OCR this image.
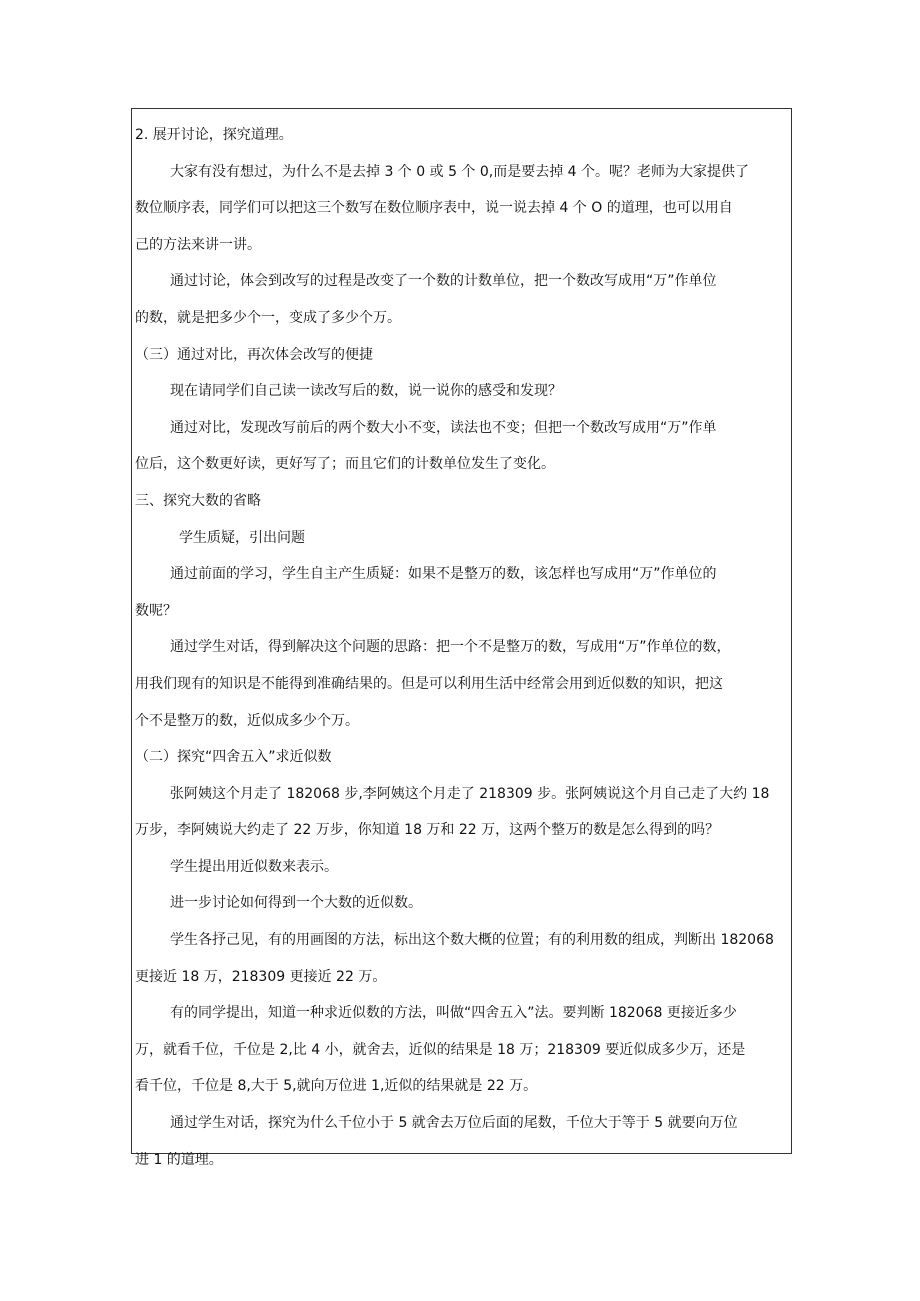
2. 展开讨论，探究道理。

大家有没有想过，为什么不是去掉 3 个 0 或 5 个 0,而是要去掉 4 个。呢？老师为大家提供了

数位顺序表，同学们可以把这三个数写在数位顺序表中，说一说去掉 4 个 O 的道理，也可以用自

己的方法来讲一讲。

通过讨论，体会到改写的过程是改变了一个数的计数单位，把一个数改写成用“万”作单位

的数，就是把多少个一，变成了多少个万。

（三）通过对比，再次体会改写的便捷

现在请同学们自己读一读改写后的数，说一说你的感受和发现？

通过对比，发现改写前后的两个数大小不变，读法也不变；但把一个数改写成用“万”作单

位后，这个数更好读，更好写了；而且它们的计数单位发生了变化。

三、探究大数的省略

学生质疑，引出问题

通过前面的学习，学生自主产生质疑：如果不是整万的数，该怎样也写成用“万”作单位的

数呢？

通过学生对话，得到解决这个问题的思路：把一个不是整万的数，写成用“万”作单位的数，

用我们现有的知识是不能得到准确结果的。但是可以利用生活中经常会用到近似数的知识，把这

个不是整万的数，近似成多少个万。

（二）探究“四舍五入”求近似数

张阿姨这个月走了 182068 步,李阿姨这个月走了 218309 步。张阿姨说这个月自己走了大约 18

万步，李阿姨说大约走了 22 万步，你知道 18 万和 22 万，这两个整万的数是怎么得到的吗？

学生提出用近似数来表示。

进一步讨论如何得到一个大数的近似数。

学生各抒己见，有的用画图的方法，标出这个数大概的位置；有的利用数的组成，判断出 182068

更接近 18 万，218309 更接近 22 万。

有的同学提出，知道一种求近似数的方法，叫做“四舍五入”法。要判断 182068 更接近多少

万，就看千位，千位是 2,比 4 小，就舍去，近似的结果是 18 万；218309 要近似成多少万，还是

看千位，千位是 8,大于 5,就向万位进 1,近似的结果就是 22 万。

通过学生对话，探究为什么千位小于 5 就舍去万位后面的尾数，千位大于等于 5 就要向万位

进 1 的道理。
